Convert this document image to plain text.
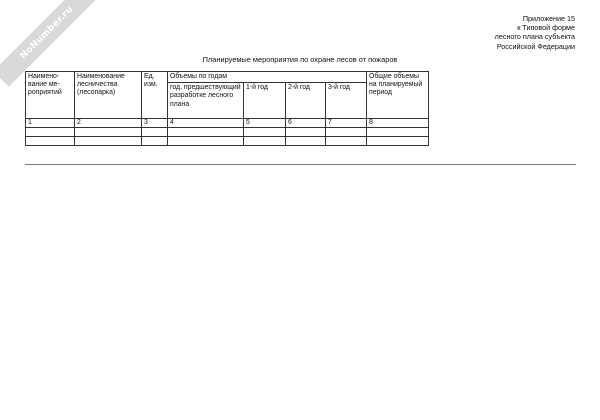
NoNumber.ru	Приложение 15
к Типовой форме
лесного плана субъекта
Российской Федерации
Планируемые мероприятия по охране лесов от пожаров
Наимено-вание ме-роприятий	Наименование лесничества (лесопарка)	Ед. изм.	Объемы по годам				Общие объемы на планируемый период
			год, предшествующий разработке лесного плана	1-й год	2-й год	3-й год	
1	2	3	4	5	6	7	8
